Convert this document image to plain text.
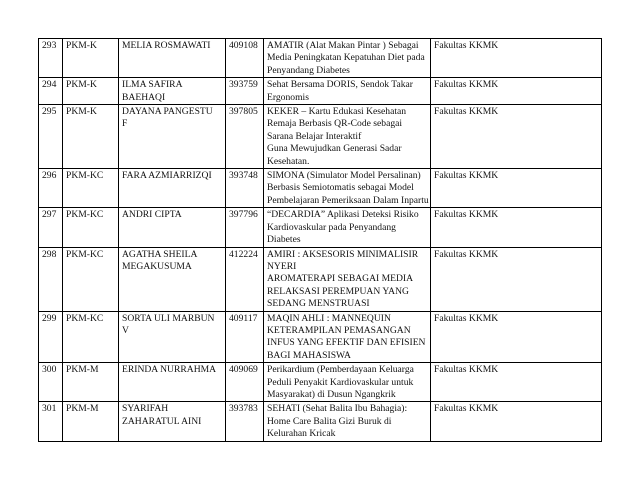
293	PKM-K	MELIA ROSMAWATI	409108	AMATIR (Alat Makan Pintar ) Sebagai
Media Peningkatan Kepatuhan Diet pada
Penyandang Diabetes	Fakultas KKMK
294	PKM-K	ILMA SAFIRA
BAEHAQI	393759	Sehat Bersama DORIS, Sendok Takar
Ergonomis	Fakultas KKMK
295	PKM-K	DAYANA PANGESTU
F	397805	KEKER – Kartu Edukasi Kesehatan
Remaja Berbasis QR-Code sebagai
Sarana Belajar Interaktif
Guna Mewujudkan Generasi Sadar
Kesehatan.	Fakultas KKMK
296	PKM-KC	FARA AZMIARRIZQI	393748	SIMONA (Simulator Model Persalinan)
Berbasis Semiotomatis sebagai Model
Pembelajaran Pemeriksaan Dalam Inpartu	Fakultas KKMK
297	PKM-KC	ANDRI CIPTA	397796	“DECARDIA” Aplikasi Deteksi Risiko
Kardiovaskular pada Penyandang
Diabetes	Fakultas KKMK
298	PKM-KC	AGATHA SHEILA
MEGAKUSUMA	412224	AMIRI : AKSESORIS MINIMALISIR
NYERI
AROMATERAPI SEBAGAI MEDIA
RELAKSASI PEREMPUAN YANG
SEDANG MENSTRUASI	Fakultas KKMK
299	PKM-KC	SORTA ULI MARBUN
V	409117	MAQIN AHLI : MANNEQUIN
KETERAMPILAN PEMASANGAN
INFUS YANG EFEKTIF DAN EFISIEN
BAGI MAHASISWA	Fakultas KKMK
300	PKM-M	ERINDA NURRAHMA	409069	Perikardium (Pemberdayaan Keluarga
Peduli Penyakit Kardiovaskular untuk
Masyarakat) di Dusun Ngangkrik	Fakultas KKMK
301	PKM-M	SYARIFAH
ZAHARATUL AINI	393783	SEHATI (Sehat Balita Ibu Bahagia):
Home Care Balita Gizi Buruk di
Kelurahan Kricak	Fakultas KKMK
